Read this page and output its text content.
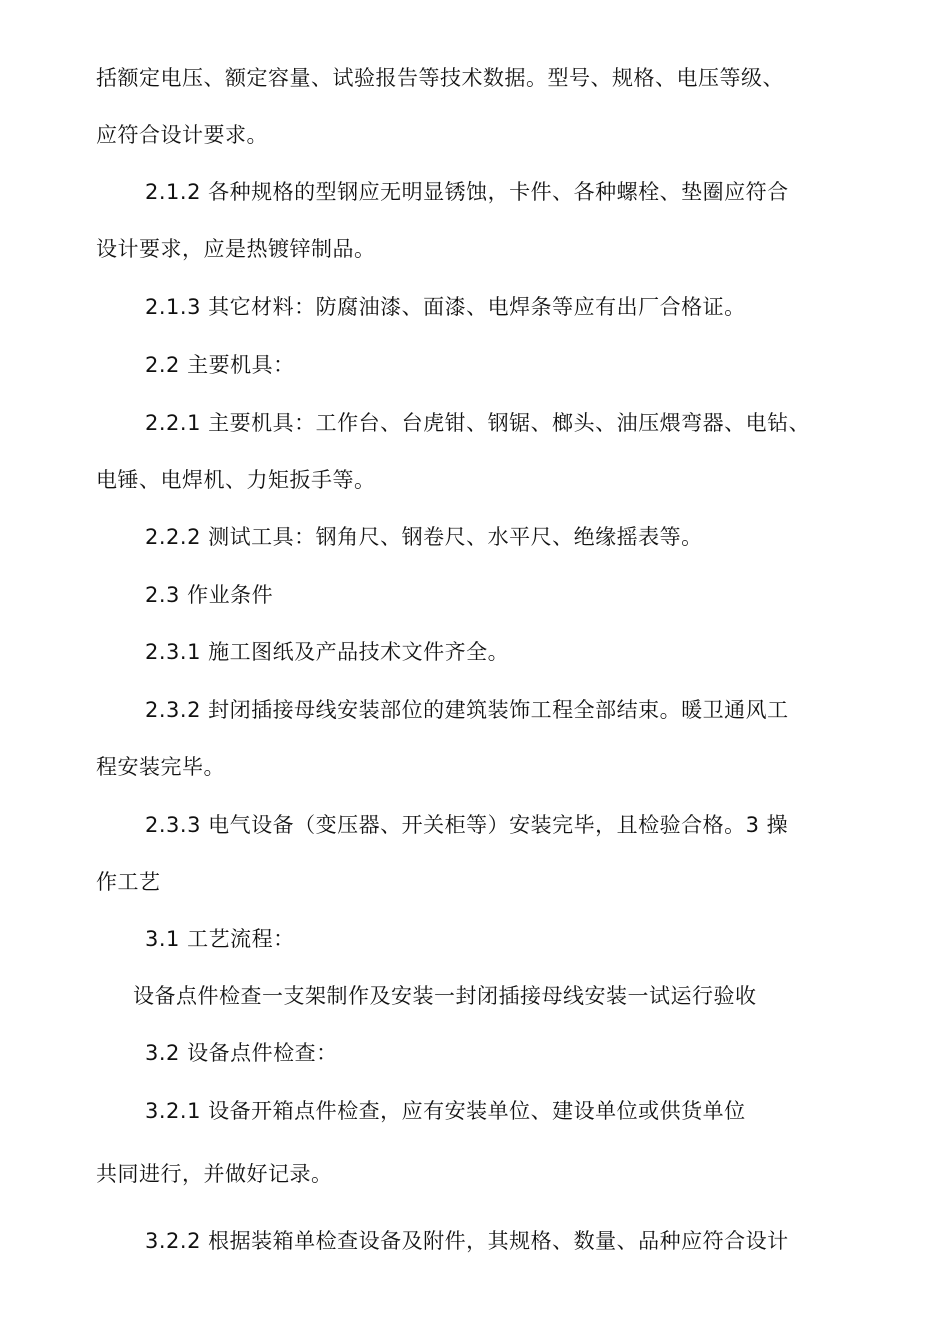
括额定电压、额定容量、试验报告等技术数据。型号、规格、电压等级、
应符合设计要求。
2.1.2 各种规格的型钢应无明显锈蚀，卡件、各种螺栓、垫圈应符合
设计要求，应是热镀锌制品。
2.1.3 其它材料：防腐油漆、面漆、电焊条等应有出厂合格证。
2.2 主要机具：
2.2.1 主要机具：工作台、台虎钳、钢锯、榔头、油压煨弯器、电钻、
电锤、电焊机、力矩扳手等。
2.2.2 测试工具：钢角尺、钢卷尺、水平尺、绝缘摇表等。
2.3 作业条件
2.3.1 施工图纸及产品技术文件齐全。
2.3.2 封闭插接母线安装部位的建筑装饰工程全部结束。暖卫通风工
程安装完毕。
2.3.3 电气设备（变压器、开关柜等）安装完毕，且检验合格。3 操
作工艺
3.1 工艺流程：
设备点件检查一支架制作及安装一封闭插接母线安装一试运行验收
3.2 设备点件检查：
3.2.1 设备开箱点件检查，应有安装单位、建设单位或供货单位
共同进行，并做好记录。
3.2.2 根据装箱单检查设备及附件，其规格、数量、品种应符合设计
